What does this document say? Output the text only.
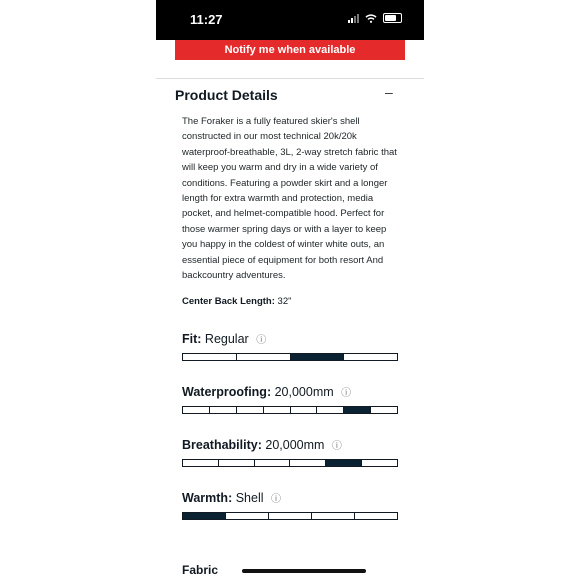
11:27
Notify me when available
Product Details	–

The Foraker is a fully featured skier's shell constructed in our most technical 20k/20k waterproof-breathable, 3L, 2-way stretch fabric that will keep you warm and dry in a wide variety of conditions. Featuring a powder skirt and a longer length for extra warmth and protection, media pocket, and helmet-compatible hood. Perfect for those warmer spring days or with a layer to keep you happy in the coldest of winter white outs, an essential piece of equipment for both resort And backcountry adventures.

Center Back Length: 32"
Fit: Regular ⓘ
Waterproofing: 20,000mm ⓘ
Breathability: 20,000mm ⓘ
Warmth: Shell ⓘ
Fabric
